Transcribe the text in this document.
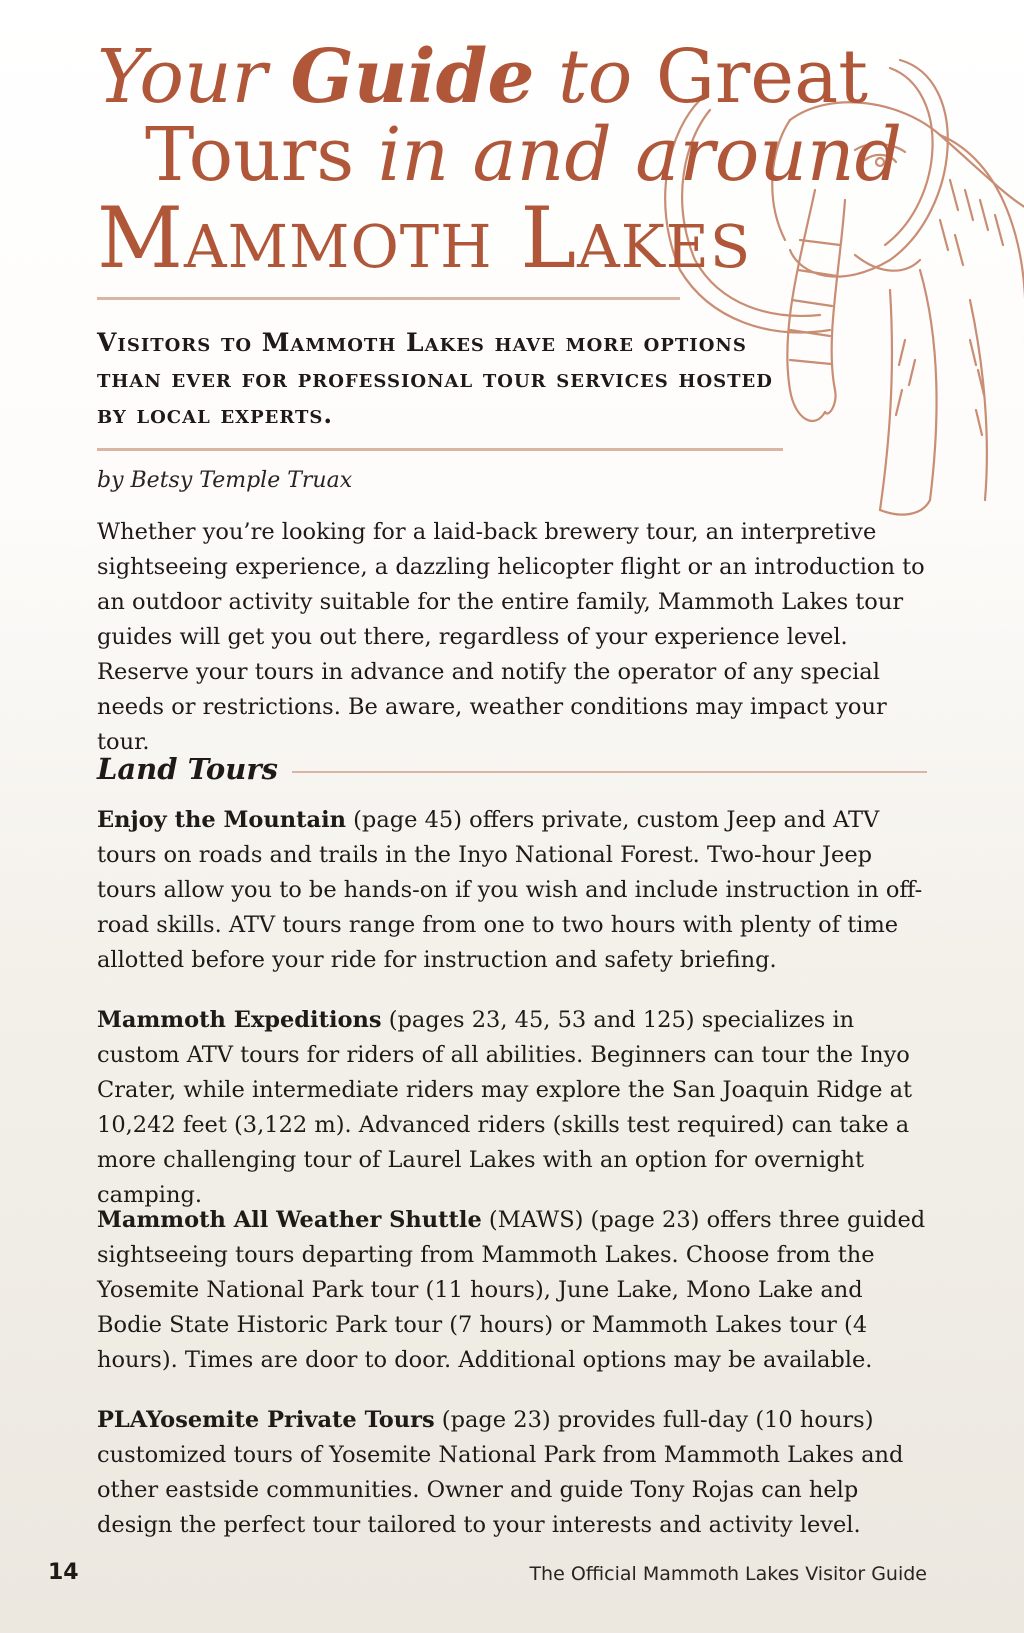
Your Guide to Great
Tours in and around
Mammoth Lakes
Visitors to Mammoth Lakes have more options than ever for professional tour services hosted by local experts.
by Betsy Temple Truax
Whether you’re looking for a laid-back brewery tour, an interpretive sightseeing experience, a dazzling helicopter flight or an introduction to an outdoor activity suitable for the entire family, Mammoth Lakes tour guides will get you out there, regardless of your experience level. Reserve your tours in advance and notify the operator of any special needs or restrictions. Be aware, weather conditions may impact your tour.
Land Tours
Enjoy the Mountain (page 45) offers private, custom Jeep and ATV tours on roads and trails in the Inyo National Forest. Two-hour Jeep tours allow you to be hands-on if you wish and include instruction in off-road skills. ATV tours range from one to two hours with plenty of time allotted before your ride for instruction and safety briefing.
Mammoth Expeditions (pages 23, 45, 53 and 125) specializes in custom ATV tours for riders of all abilities. Beginners can tour the Inyo Crater, while intermediate riders may explore the San Joaquin Ridge at 10,242 feet (3,122 m). Advanced riders (skills test required) can take a more challenging tour of Laurel Lakes with an option for overnight camping.
Mammoth All Weather Shuttle (MAWS) (page 23) offers three guided sightseeing tours departing from Mammoth Lakes. Choose from the Yosemite National Park tour (11 hours), June Lake, Mono Lake and Bodie State Historic Park tour (7 hours) or Mammoth Lakes tour (4 hours). Times are door to door. Additional options may be available.
PLAYosemite Private Tours (page 23) provides full-day (10 hours) customized tours of Yosemite National Park from Mammoth Lakes and other eastside communities. Owner and guide Tony Rojas can help design the perfect tour tailored to your interests and activity level.
14	The Official Mammoth Lakes Visitor Guide
